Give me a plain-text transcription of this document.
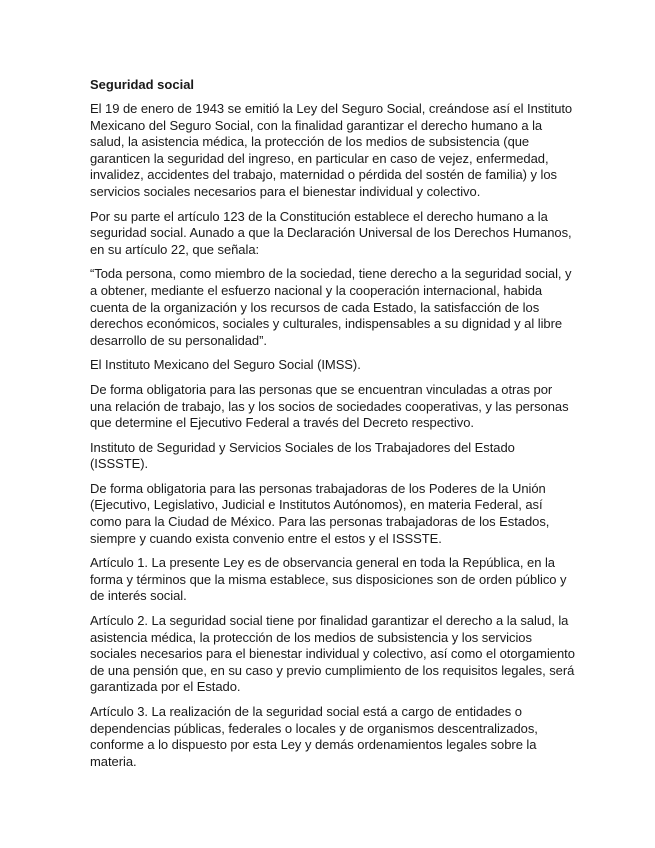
Seguridad social

El 19 de enero de 1943 se emitió la Ley del Seguro Social, creándose así el Instituto Mexicano del Seguro Social, con la finalidad garantizar el derecho humano a la salud, la asistencia médica, la protección de los medios de subsistencia (que garanticen la seguridad del ingreso, en particular en caso de vejez, enfermedad, invalidez, accidentes del trabajo, maternidad o pérdida del sostén de familia) y los servicios sociales necesarios para el bienestar individual y colectivo.

Por su parte el artículo 123 de la Constitución establece el derecho humano a la seguridad social. Aunado a que la Declaración Universal de los Derechos Humanos, en su artículo 22, que señala:

“Toda persona, como miembro de la sociedad, tiene derecho a la seguridad social, y a obtener, mediante el esfuerzo nacional y la cooperación internacional, habida cuenta de la organización y los recursos de cada Estado, la satisfacción de los derechos económicos, sociales y culturales, indispensables a su dignidad y al libre desarrollo de su personalidad”.

El Instituto Mexicano del Seguro Social (IMSS).

De forma obligatoria para las personas que se encuentran vinculadas a otras por una relación de trabajo, las y los socios de sociedades cooperativas, y las personas que determine el Ejecutivo Federal a través del Decreto respectivo.

Instituto de Seguridad y Servicios Sociales de los Trabajadores del Estado (ISSSTE).

De forma obligatoria para las personas trabajadoras de los Poderes de la Unión (Ejecutivo, Legislativo, Judicial e Institutos Autónomos), en materia Federal, así como para la Ciudad de México. Para las personas trabajadoras de los Estados, siempre y cuando exista convenio entre el estos y el ISSSTE.

Artículo 1. La presente Ley es de observancia general en toda la República, en la forma y términos que la misma establece, sus disposiciones son de orden público y de interés social.

Artículo 2. La seguridad social tiene por finalidad garantizar el derecho a la salud, la asistencia médica, la protección de los medios de subsistencia y los servicios sociales necesarios para el bienestar individual y colectivo, así como el otorgamiento de una pensión que, en su caso y previo cumplimiento de los requisitos legales, será garantizada por el Estado.

Artículo 3. La realización de la seguridad social está a cargo de entidades o dependencias públicas, federales o locales y de organismos descentralizados, conforme a lo dispuesto por esta Ley y demás ordenamientos legales sobre la materia.
